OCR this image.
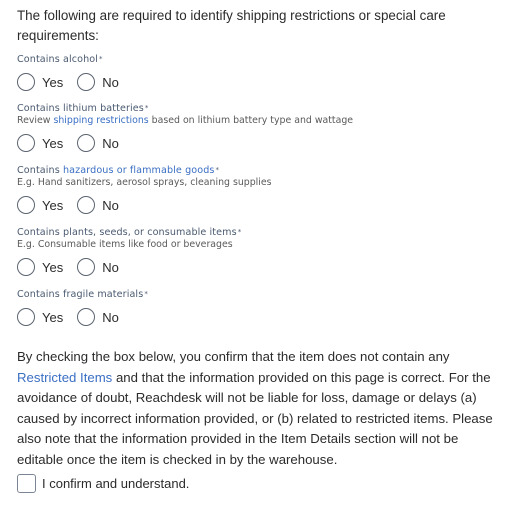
The following are required to identify shipping restrictions or special care requirements:
Contains alcohol*
Yes	No
Contains lithium batteries*
Review shipping restrictions based on lithium battery type and wattage
Yes	No
Contains hazardous or flammable goods*
E.g. Hand sanitizers, aerosol sprays, cleaning supplies
Yes	No
Contains plants, seeds, or consumable items*
E.g. Consumable items like food or beverages
Yes	No
Contains fragile materials*
Yes	No
By checking the box below, you confirm that the item does not contain any Restricted Items and that the information provided on this page is correct. For the avoidance of doubt, Reachdesk will not be liable for loss, damage or delays (a) caused by incorrect information provided, or (b) related to restricted items. Please also note that the information provided in the Item Details section will not be editable once the item is checked in by the warehouse.
I confirm and understand.
